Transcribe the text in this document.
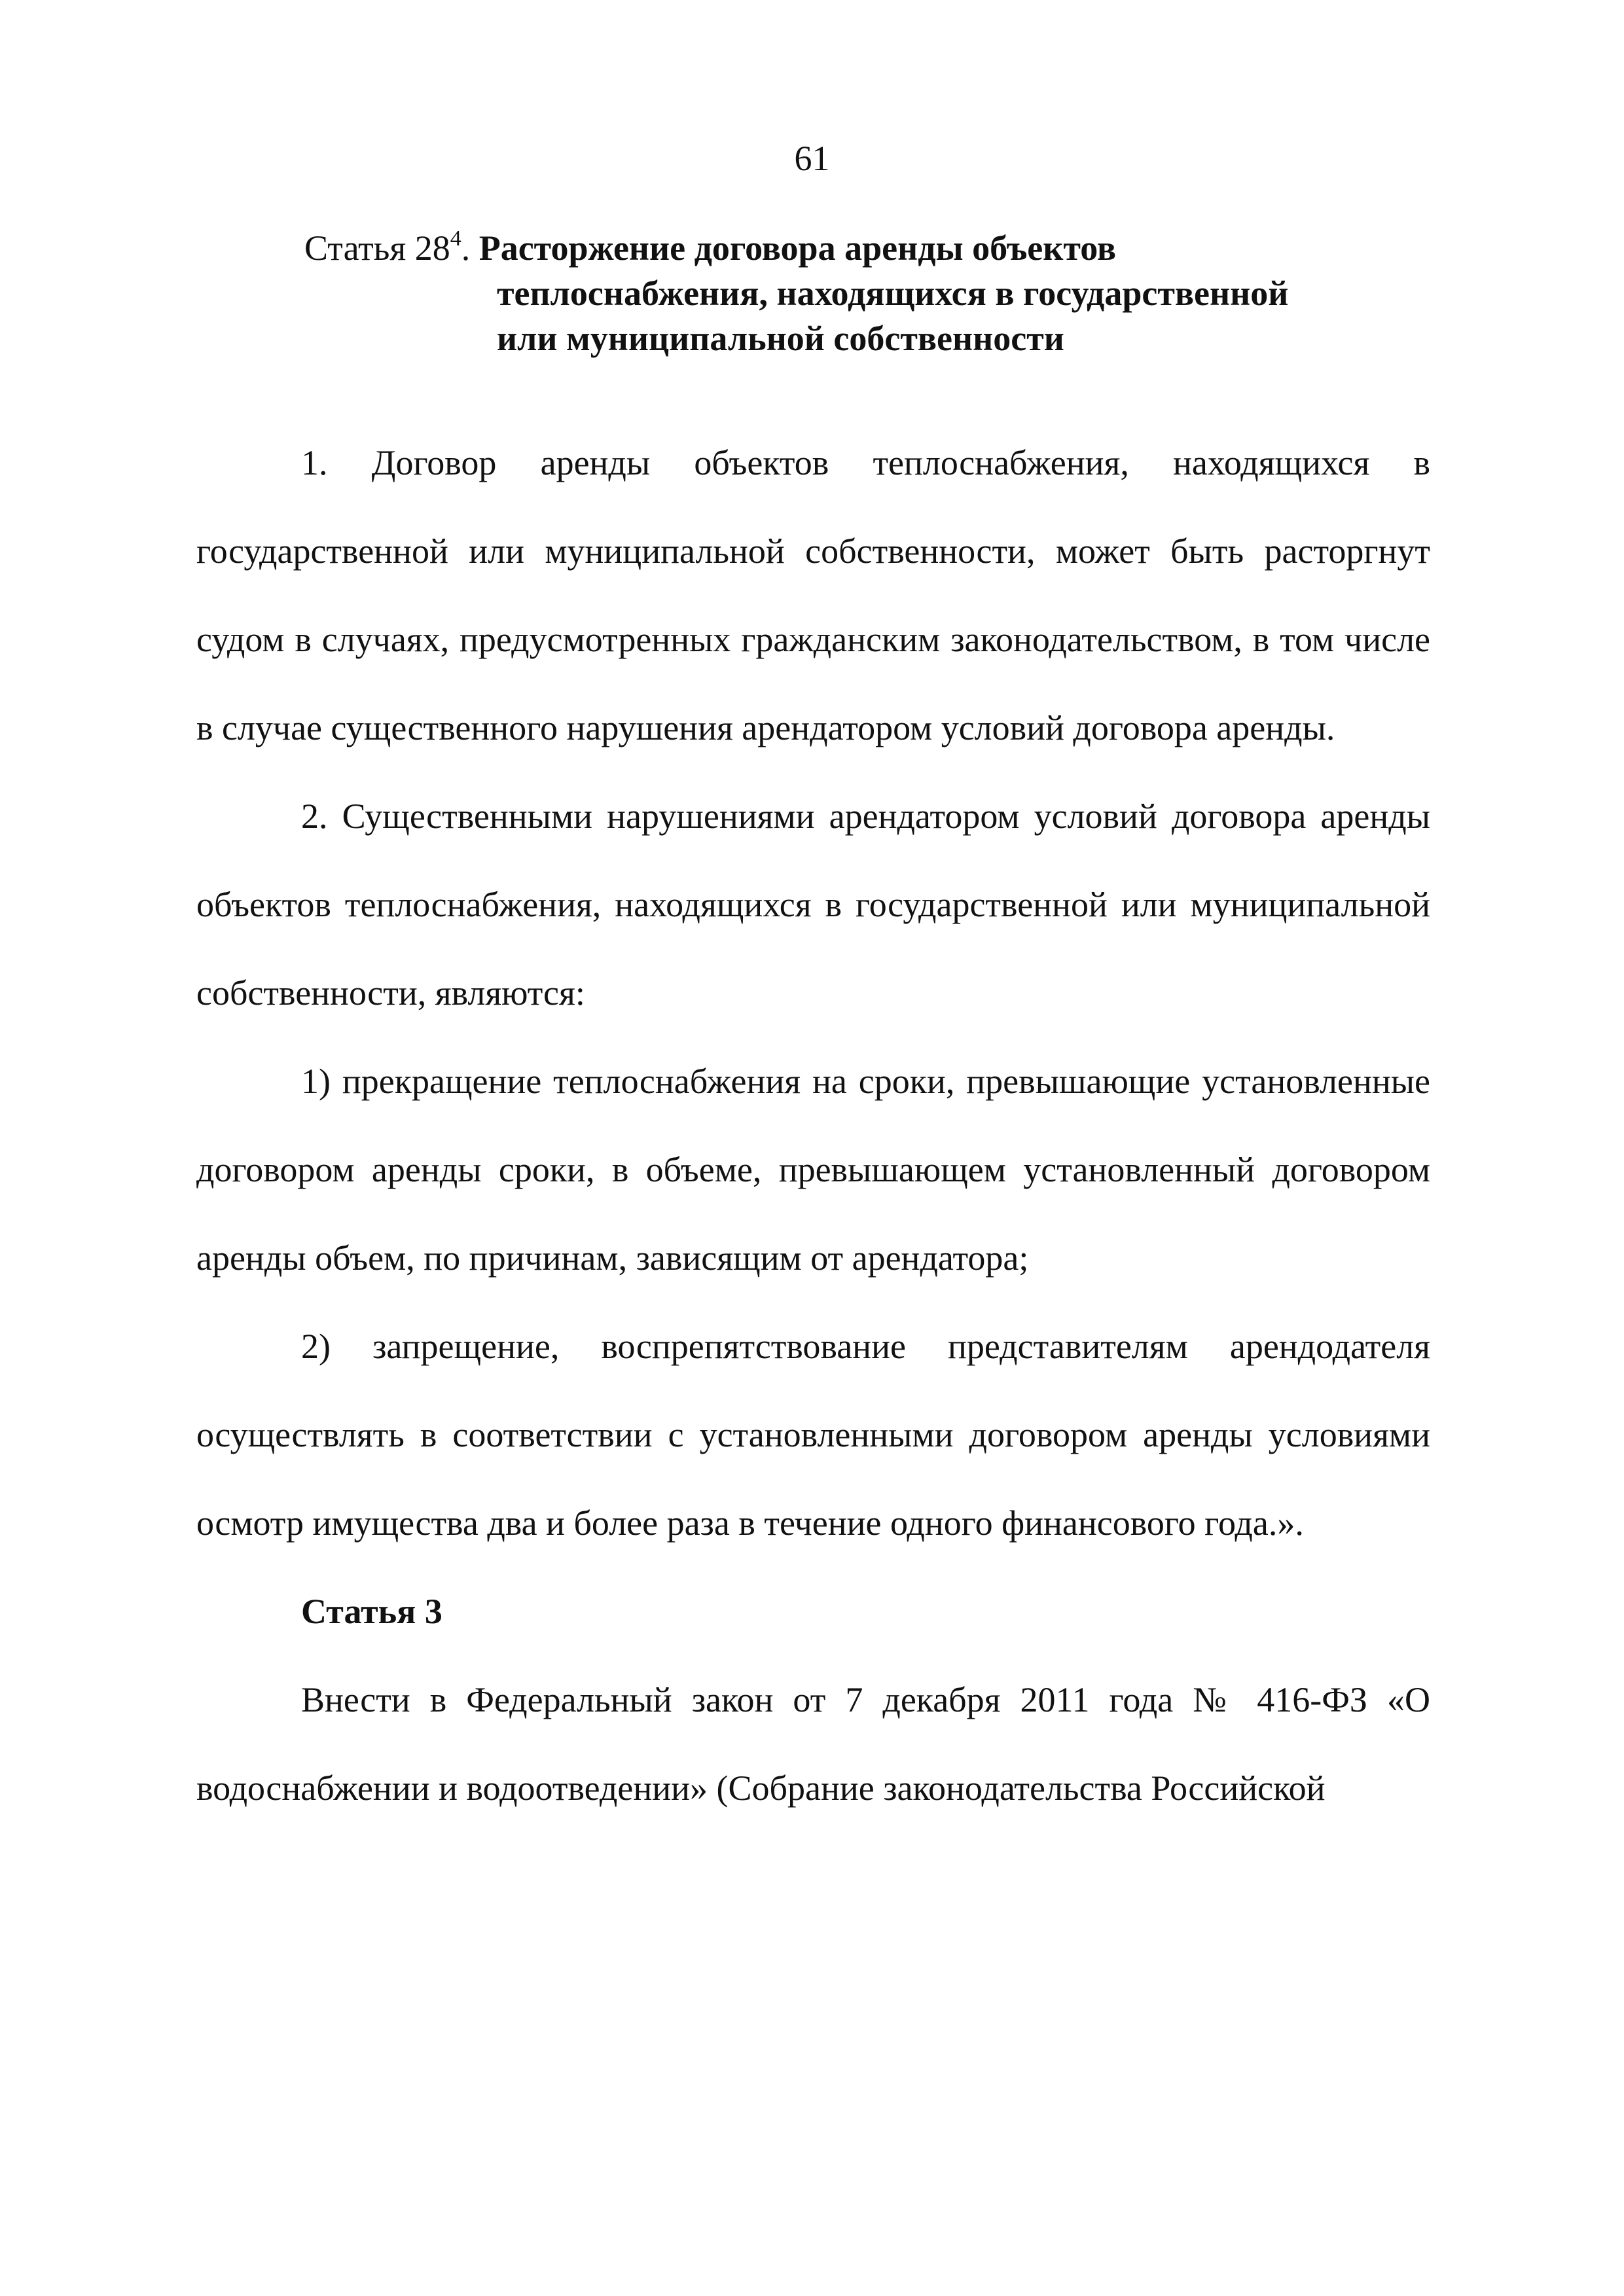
61
Статья $28^4$. Расторжение договора аренды объектов
теплоснабжения, находящихся в государственной
или муниципальной собственности

1. Договор аренды объектов теплоснабжения, находящихся в государственной или муниципальной собственности, может быть расторгнут судом в случаях, предусмотренных гражданским законодательством, в том числе в случае существенного нарушения арендатором условий договора аренды.

2. Существенными нарушениями арендатором условий договора аренды объектов теплоснабжения, находящихся в государственной или муниципальной собственности, являются:

1) прекращение теплоснабжения на сроки, превышающие установленные договором аренды сроки, в объеме, превышающем установленный договором аренды объем, по причинам, зависящим от арендатора;

2) запрещение, воспрепятствование представителям арендодателя осуществлять в соответствии с установленными договором аренды условиями осмотр имущества два и более раза в течение одного финансового года.».

Статья 3

Внести в Федеральный закон от 7 декабря 2011 года № 416-ФЗ «О водоснабжении и водоотведении» (Собрание законодательства Российской
